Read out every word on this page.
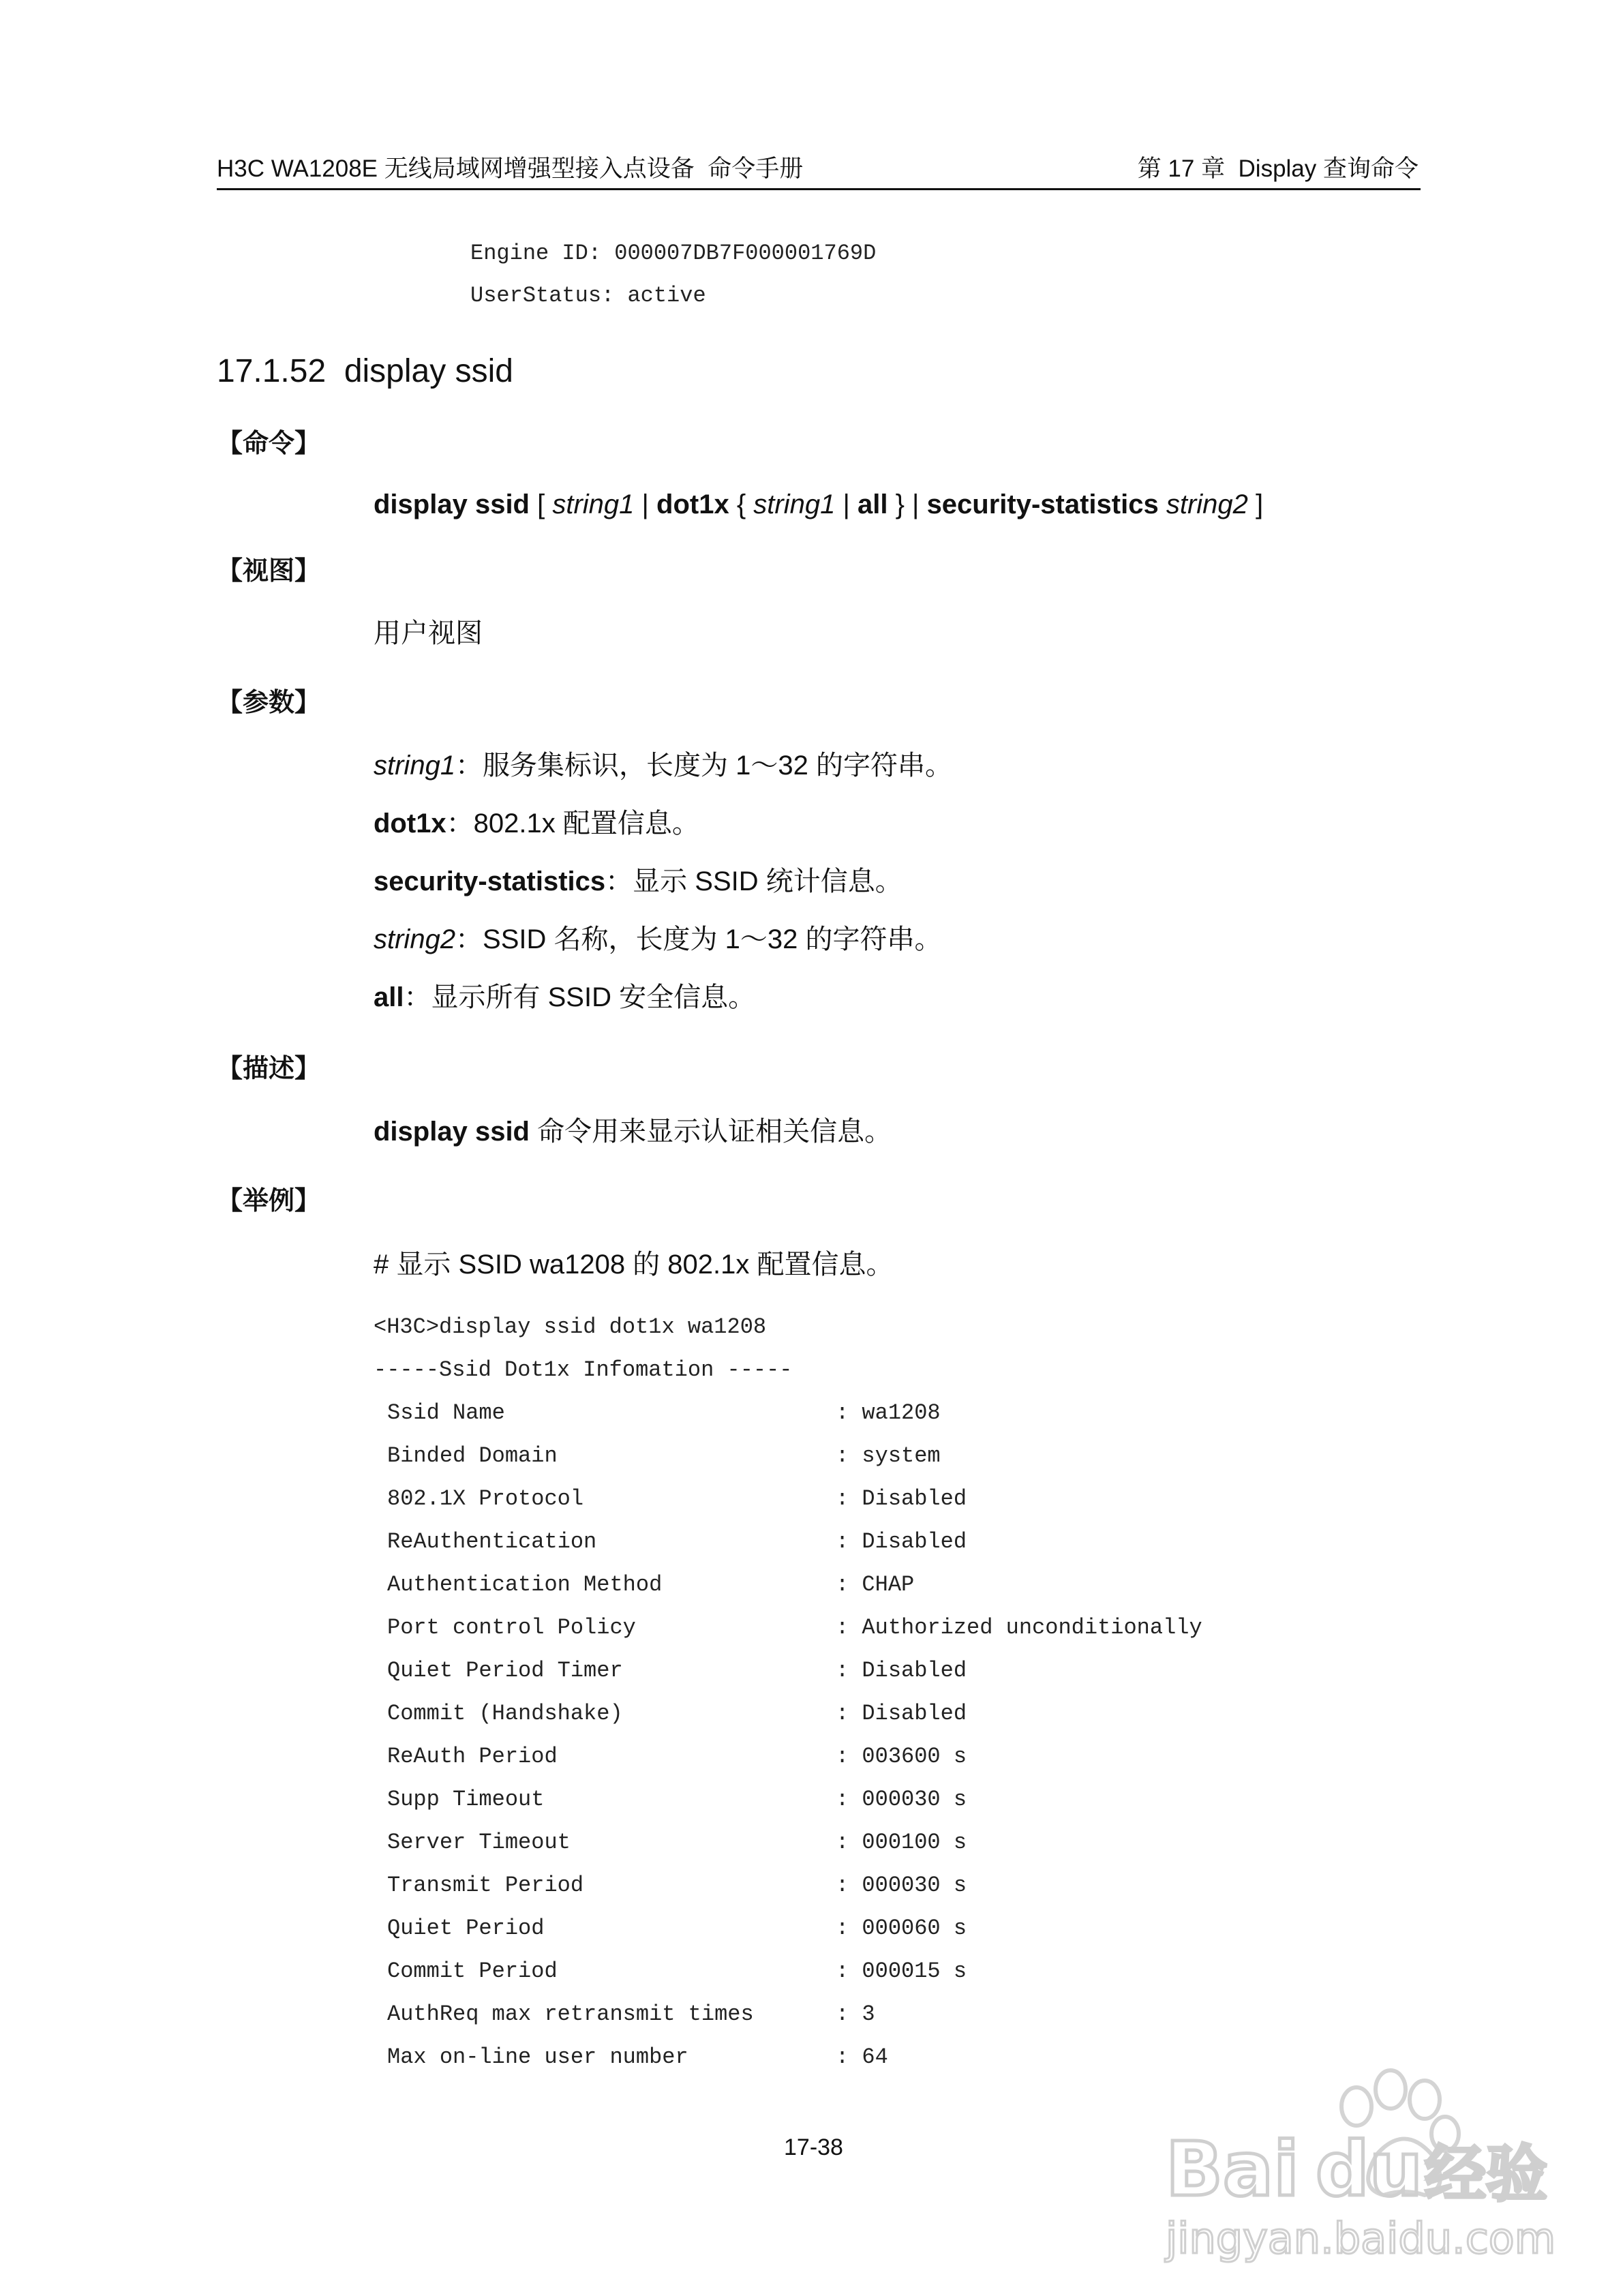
H3C WA1208E 无线局域网增强型接入点设备  命令手册	第 17 章  Display 查询命令
Engine ID: 000007DB7F000001769D
UserStatus: active
17.1.52  display ssid
【命令】
display ssid [ string1 | dot1x { string1 | all } | security-statistics string2 ]
【视图】
用户视图
【参数】
string1：服务集标识，长度为 1～32 的字符串。
dot1x：802.1x 配置信息。
security-statistics：显示 SSID 统计信息。
string2：SSID 名称，长度为 1～32 的字符串。
all：显示所有 SSID 安全信息。
【描述】
display ssid 命令用来显示认证相关信息。
【举例】
# 显示 SSID wa1208 的 802.1x 配置信息。
<H3C>display ssid dot1x wa1208
-----Ssid Dot1x Infomation -----
Ssid Name	: wa1208
Binded Domain	: system
802.1X Protocol	: Disabled
ReAuthentication	: Disabled
Authentication Method	: CHAP
Port control Policy	: Authorized unconditionally
Quiet Period Timer	: Disabled
Commit (Handshake)	: Disabled
ReAuth Period	: 003600 s
Supp Timeout	: 000030 s
Server Timeout	: 000100 s
Transmit Period	: 000030 s
Quiet Period	: 000060 s
Commit Period	: 000015 s
AuthReq max retransmit times	: 3
Max on-line user number	: 64
17-38	Bai du 经验
jingyan.baidu.com
